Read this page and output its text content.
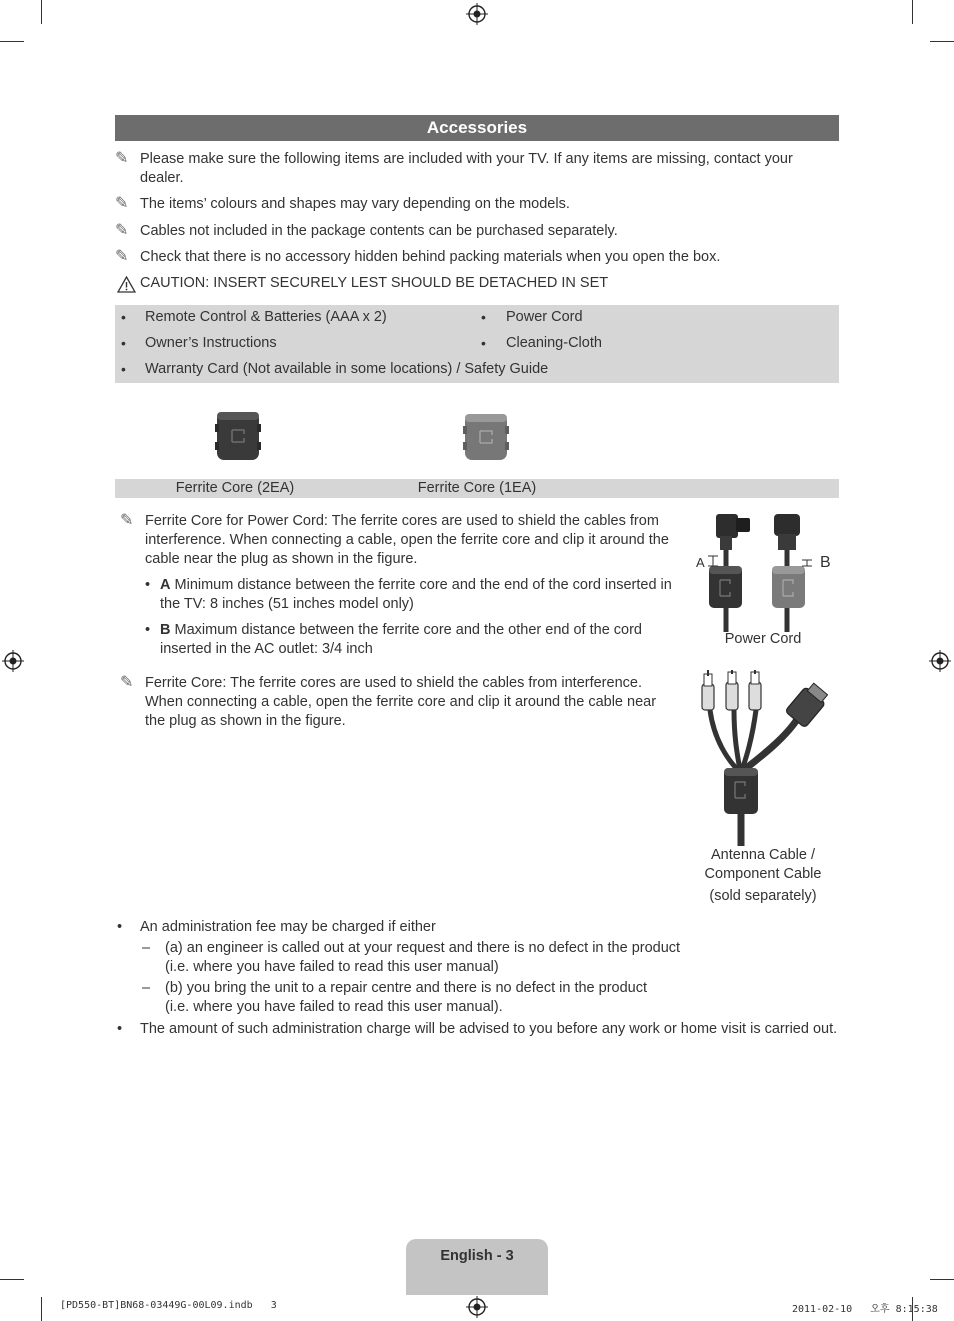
Accessories
✎ Please make sure the following items are included with your TV. If any items are missing, contact your dealer.
✎ The items’ colours and shapes may vary depending on the models.
✎ Cables not included in the package contents can be purchased separately.
✎ Check that there is no accessory hidden behind packing materials when you open the box.
CAUTION: INSERT SECURELY LEST SHOULD BE DETACHED IN SET
• Remote Control & Batteries (AAA x 2)
• Owner’s Instructions
• Power Cord
• Cleaning-Cloth
• Warranty Card (Not available in some locations) / Safety Guide
Ferrite Core (2EA)	Ferrite Core (1EA)
✎ Ferrite Core for Power Cord: The ferrite cores are used to shield the cables from interference. When connecting a cable, open the ferrite core and clip it around the cable near the plug as shown in the figure.
• A Minimum distance between the ferrite core and the end of the cord inserted in the TV: 8 inches (51 inches model only)
• B Maximum distance between the ferrite core and the other end of the cord inserted in the AC outlet: 3/4 inch
A	B
Power Cord
✎ Ferrite Core: The ferrite cores are used to shield the cables from interference. When connecting a cable, open the ferrite core and clip it around the cable near the plug as shown in the figure.
Antenna Cable /
Component Cable
(sold separately)
•	An administration fee may be charged if either
–	(a) an engineer is called out at your request and there is no defect in the product
(i.e. where you have failed to read this user manual)
–	(b) you bring the unit to a repair centre and there is no defect in the product
(i.e. where you have failed to read this user manual).
•	The amount of such administration charge will be advised to you before any work or home visit is carried out.
English - 3
[PD550-BT]BN68-03449G-00L09.indb   3	2011-02-10   오후 8:15:38
